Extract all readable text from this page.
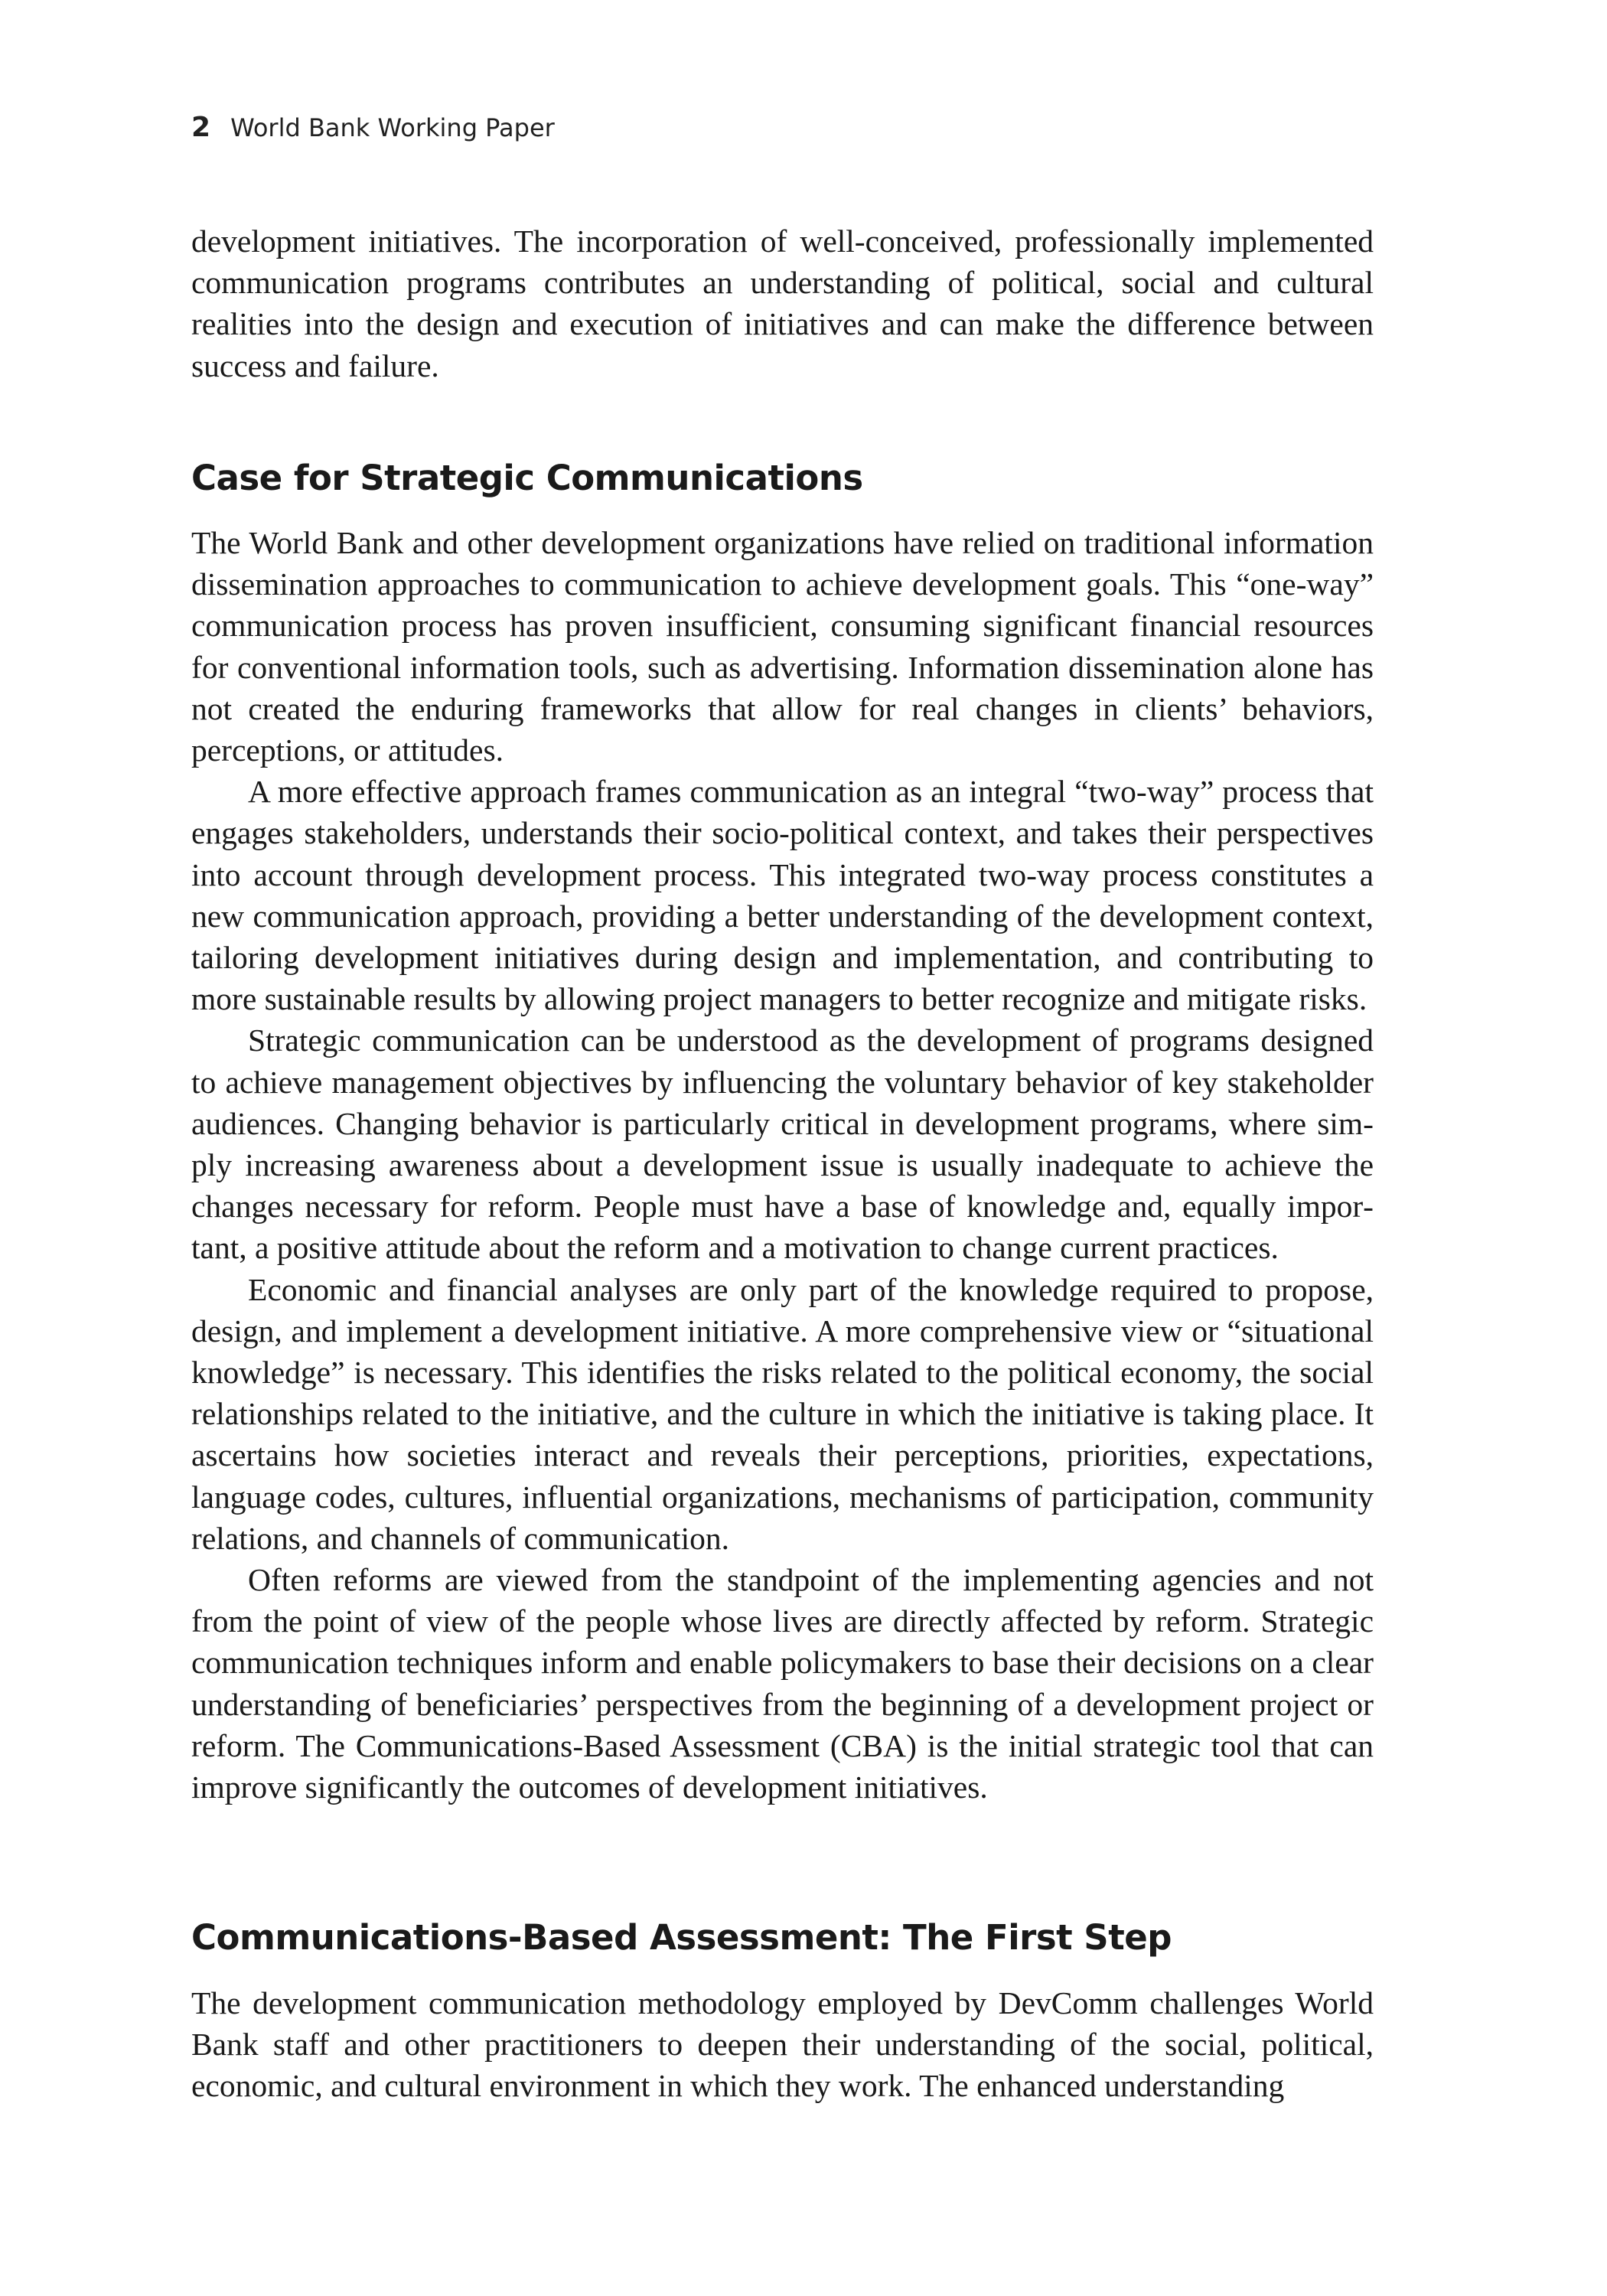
2 World Bank Working Paper

development initiatives. The incorporation of well-conceived, professionally implemented communication programs contributes an understanding of political, social and cultural realities into the design and execution of initiatives and can make the difference between success and failure.

Case for Strategic Communications

The World Bank and other development organizations have relied on traditional information dissemination approaches to communication to achieve development goals. This “one-way” communication process has proven insufficient, consuming significant financial resources for conventional information tools, such as advertising. Information dissemination alone has not created the enduring frameworks that allow for real changes in clients’ behaviors, perceptions, or attitudes.

A more effective approach frames communication as an integral “two-way” process that engages stakeholders, understands their socio-political context, and takes their perspectives into account through development process. This integrated two-way process constitutes a new communication approach, providing a better understanding of the development context, tailoring development initiatives during design and implementation, and contributing to more sustainable results by allowing project managers to better recognize and mitigate risks.

Strategic communication can be understood as the development of programs designed to achieve management objectives by influencing the voluntary behavior of key stakeholder audiences. Changing behavior is particularly critical in development programs, where simply increasing awareness about a development issue is usually inadequate to achieve the changes necessary for reform. People must have a base of knowledge and, equally important, a positive attitude about the reform and a motivation to change current practices.

Economic and financial analyses are only part of the knowledge required to propose, design, and implement a development initiative. A more comprehensive view or “situational knowledge” is necessary. This identifies the risks related to the political economy, the social relationships related to the initiative, and the culture in which the initiative is taking place. It ascertains how societies interact and reveals their perceptions, priorities, expectations, language codes, cultures, influential organizations, mechanisms of participation, community relations, and channels of communication.

Often reforms are viewed from the standpoint of the implementing agencies and not from the point of view of the people whose lives are directly affected by reform. Strategic communication techniques inform and enable policymakers to base their decisions on a clear understanding of beneficiaries’ perspectives from the beginning of a development project or reform. The Communications-Based Assessment (CBA) is the initial strategic tool that can improve significantly the outcomes of development initiatives.

Communications-Based Assessment: The First Step

The development communication methodology employed by DevComm challenges World Bank staff and other practitioners to deepen their understanding of the social, political, economic, and cultural environment in which they work. The enhanced understanding
